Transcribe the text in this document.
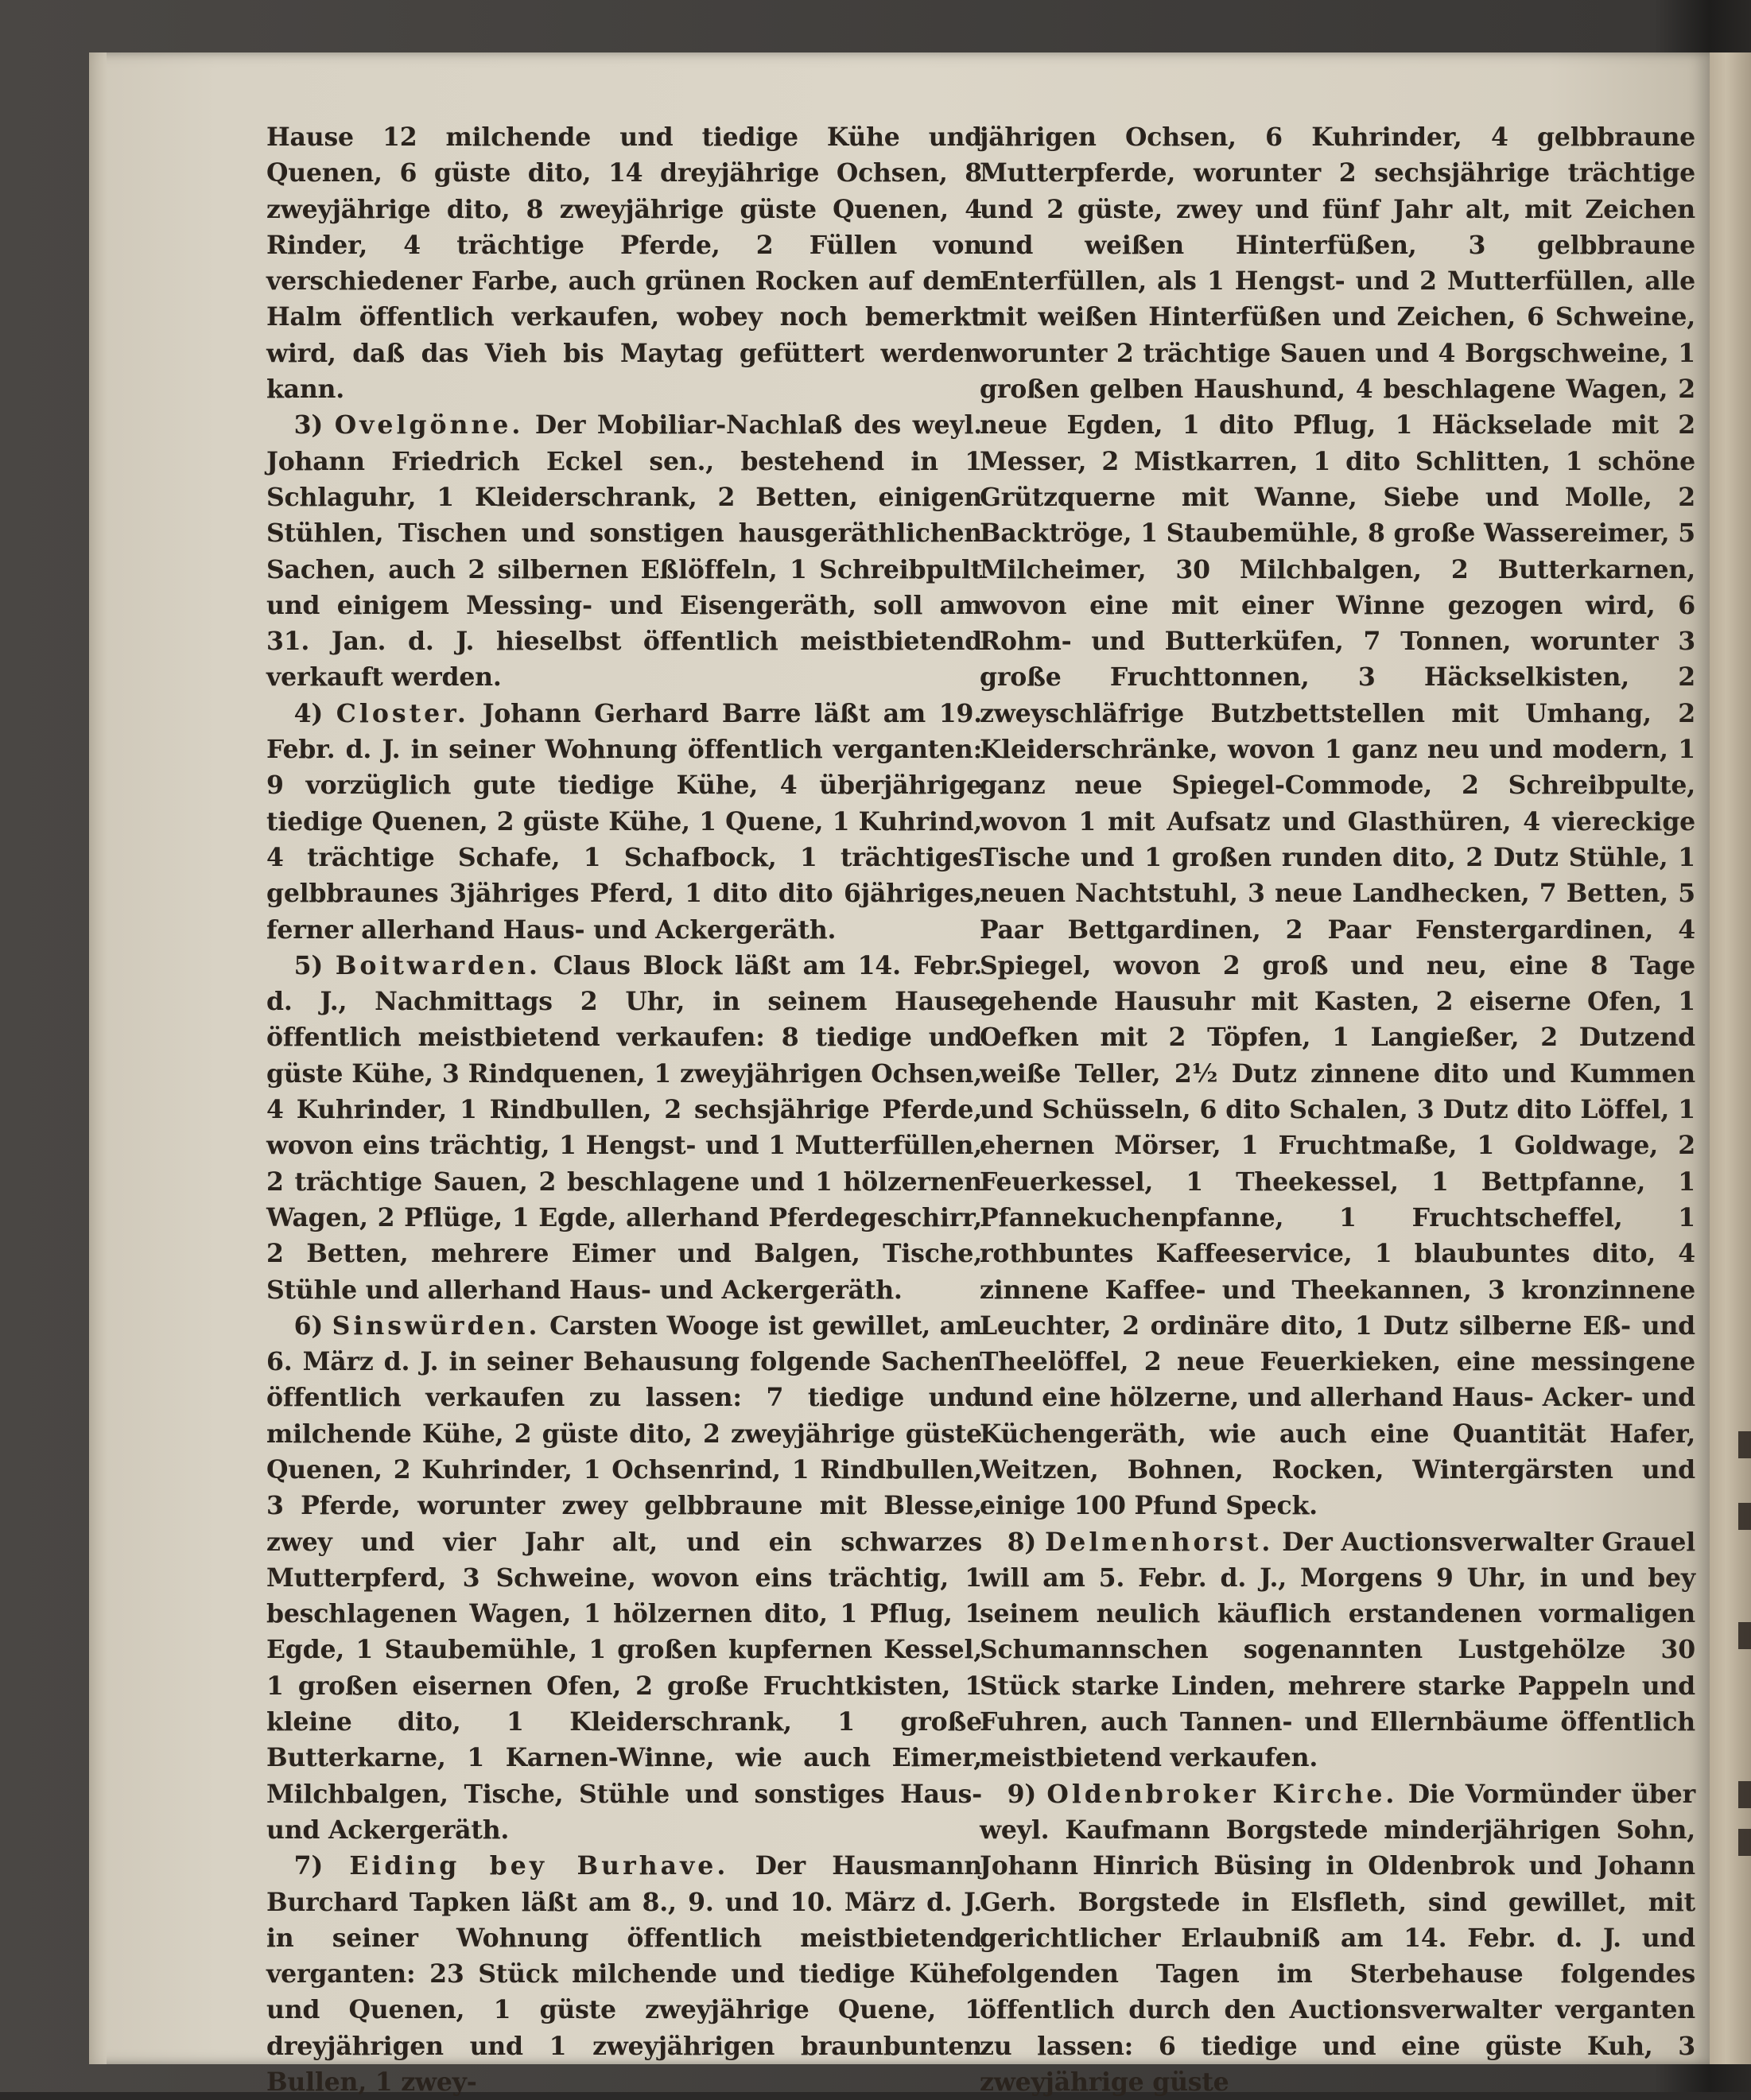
Hause 12 milchende und tiedige Kühe und Quenen, 6 güste dito, 14 dreyjährige Ochsen, 8 zweyjährige dito, 8 zweyjährige güste Quenen, 4 Rinder, 4 trächtige Pferde, 2 Füllen von verschiedener Farbe, auch grünen Rocken auf dem Halm öffentlich verkaufen, wobey noch bemerkt wird, daß das Vieh bis Maytag gefüttert werden kann.

3) Ovelgönne. Der Mobiliar-Nachlaß des weyl. Johann Friedrich Eckel sen., bestehend in 1 Schlaguhr, 1 Kleiderschrank, 2 Betten, einigen Stühlen, Tischen und sonstigen hausgeräthlichen Sachen, auch 2 silbernen Eßlöffeln, 1 Schreibpult und einigem Messing- und Eisengeräth, soll am 31. Jan. d. J. hieselbst öffentlich meistbietend verkauft werden.

4) Closter. Johann Gerhard Barre läßt am 19. Febr. d. J. in seiner Wohnung öffentlich verganten: 9 vorzüglich gute tiedige Kühe, 4 überjährige tiedige Quenen, 2 güste Kühe, 1 Quene, 1 Kuhrind, 4 trächtige Schafe, 1 Schafbock, 1 trächtiges gelbbraunes 3jähriges Pferd, 1 dito dito 6jähriges, ferner allerhand Haus- und Ackergeräth.

5) Boitwarden. Claus Block läßt am 14. Febr. d. J., Nachmittags 2 Uhr, in seinem Hause öffentlich meistbietend verkaufen: 8 tiedige und güste Kühe, 3 Rindquenen, 1 zweyjährigen Ochsen, 4 Kuhrinder, 1 Rindbullen, 2 sechsjährige Pferde, wovon eins trächtig, 1 Hengst- und 1 Mutterfüllen, 2 trächtige Sauen, 2 beschlagene und 1 hölzernen Wagen, 2 Pflüge, 1 Egde, allerhand Pferdegeschirr, 2 Betten, mehrere Eimer und Balgen, Tische, Stühle und allerhand Haus- und Ackergeräth.

6) Sinswürden. Carsten Wooge ist gewillet, am 6. März d. J. in seiner Behausung folgende Sachen öffentlich verkaufen zu lassen: 7 tiedige und milchende Kühe, 2 güste dito, 2 zweyjährige güste Quenen, 2 Kuhrinder, 1 Ochsenrind, 1 Rindbullen, 3 Pferde, worunter zwey gelbbraune mit Blesse, zwey und vier Jahr alt, und ein schwarzes Mutterpferd, 3 Schweine, wovon eins trächtig, 1 beschlagenen Wagen, 1 hölzernen dito, 1 Pflug, 1 Egde, 1 Staubemühle, 1 großen kupfernen Kessel, 1 großen eisernen Ofen, 2 große Fruchtkisten, 1 kleine dito, 1 Kleiderschrank, 1 große Butterkarne, 1 Karnen-Winne, wie auch Eimer, Milchbalgen, Tische, Stühle und sonstiges Haus- und Ackergeräth.

7) Eiding bey Burhave. Der Hausmann Burchard Tapken läßt am 8., 9. und 10. März d. J. in seiner Wohnung öffentlich meistbietend verganten: 23 Stück milchende und tiedige Kühe und Quenen, 1 güste zweyjährige Quene, 1 dreyjährigen und 1 zweyjährigen braunbunten Bullen, 1 zwey-

jährigen Ochsen, 6 Kuhrinder, 4 gelbbraune Mutterpferde, worunter 2 sechsjährige trächtige und 2 güste, zwey und fünf Jahr alt, mit Zeichen und weißen Hinterfüßen, 3 gelbbraune Enterfüllen, als 1 Hengst- und 2 Mutterfüllen, alle mit weißen Hinterfüßen und Zeichen, 6 Schweine, worunter 2 trächtige Sauen und 4 Borgschweine, 1 großen gelben Haushund, 4 beschlagene Wagen, 2 neue Egden, 1 dito Pflug, 1 Häckselade mit 2 Messer, 2 Mistkarren, 1 dito Schlitten, 1 schöne Grützquerne mit Wanne, Siebe und Molle, 2 Backtröge, 1 Staubemühle, 8 große Wassereimer, 5 Milcheimer, 30 Milchbalgen, 2 Butterkarnen, wovon eine mit einer Winne gezogen wird, 6 Rohm- und Butterküfen, 7 Tonnen, worunter 3 große Fruchttonnen, 3 Häckselkisten, 2 zweyschläfrige Butzbettstellen mit Umhang, 2 Kleiderschränke, wovon 1 ganz neu und modern, 1 ganz neue Spiegel-Commode, 2 Schreibpulte, wovon 1 mit Aufsatz und Glasthüren, 4 viereckige Tische und 1 großen runden dito, 2 Dutz Stühle, 1 neuen Nachtstuhl, 3 neue Landhecken, 7 Betten, 5 Paar Bettgardinen, 2 Paar Fenstergardinen, 4 Spiegel, wovon 2 groß und neu, eine 8 Tage gehende Hausuhr mit Kasten, 2 eiserne Ofen, 1 Oefken mit 2 Töpfen, 1 Langießer, 2 Dutzend weiße Teller, 2½ Dutz zinnene dito und Kummen und Schüsseln, 6 dito Schalen, 3 Dutz dito Löffel, 1 ehernen Mörser, 1 Fruchtmaße, 1 Goldwage, 2 Feuerkessel, 1 Theekessel, 1 Bettpfanne, 1 Pfannekuchenpfanne, 1 Fruchtscheffel, 1 rothbuntes Kaffeeservice, 1 blaubuntes dito, 4 zinnene Kaffee- und Theekannen, 3 kronzinnene Leuchter, 2 ordinäre dito, 1 Dutz silberne Eß- und Theelöffel, 2 neue Feuerkieken, eine messingene und eine hölzerne, und allerhand Haus- Acker- und Küchengeräth, wie auch eine Quantität Hafer, Weitzen, Bohnen, Rocken, Wintergärsten und einige 100 Pfund Speck.

8) Delmenhorst. Der Auctionsverwalter Grauel will am 5. Febr. d. J., Morgens 9 Uhr, in und bey seinem neulich käuflich erstandenen vormaligen Schumannschen sogenannten Lustgehölze 30 Stück starke Linden, mehrere starke Pappeln und Fuhren, auch Tannen- und Ellernbäume öffentlich meistbietend verkaufen.

9) Oldenbroker Kirche. Die Vormünder über weyl. Kaufmann Borgstede minderjährigen Sohn, Johann Hinrich Büsing in Oldenbrok und Johann Gerh. Borgstede in Elsfleth, sind gewillet, mit gerichtlicher Erlaubniß am 14. Febr. d. J. und folgenden Tagen im Sterbehause folgendes öffentlich durch den Auctionsverwalter verganten zu lassen: 6 tiedige und eine güste Kuh, 3 zweyjährige güste
